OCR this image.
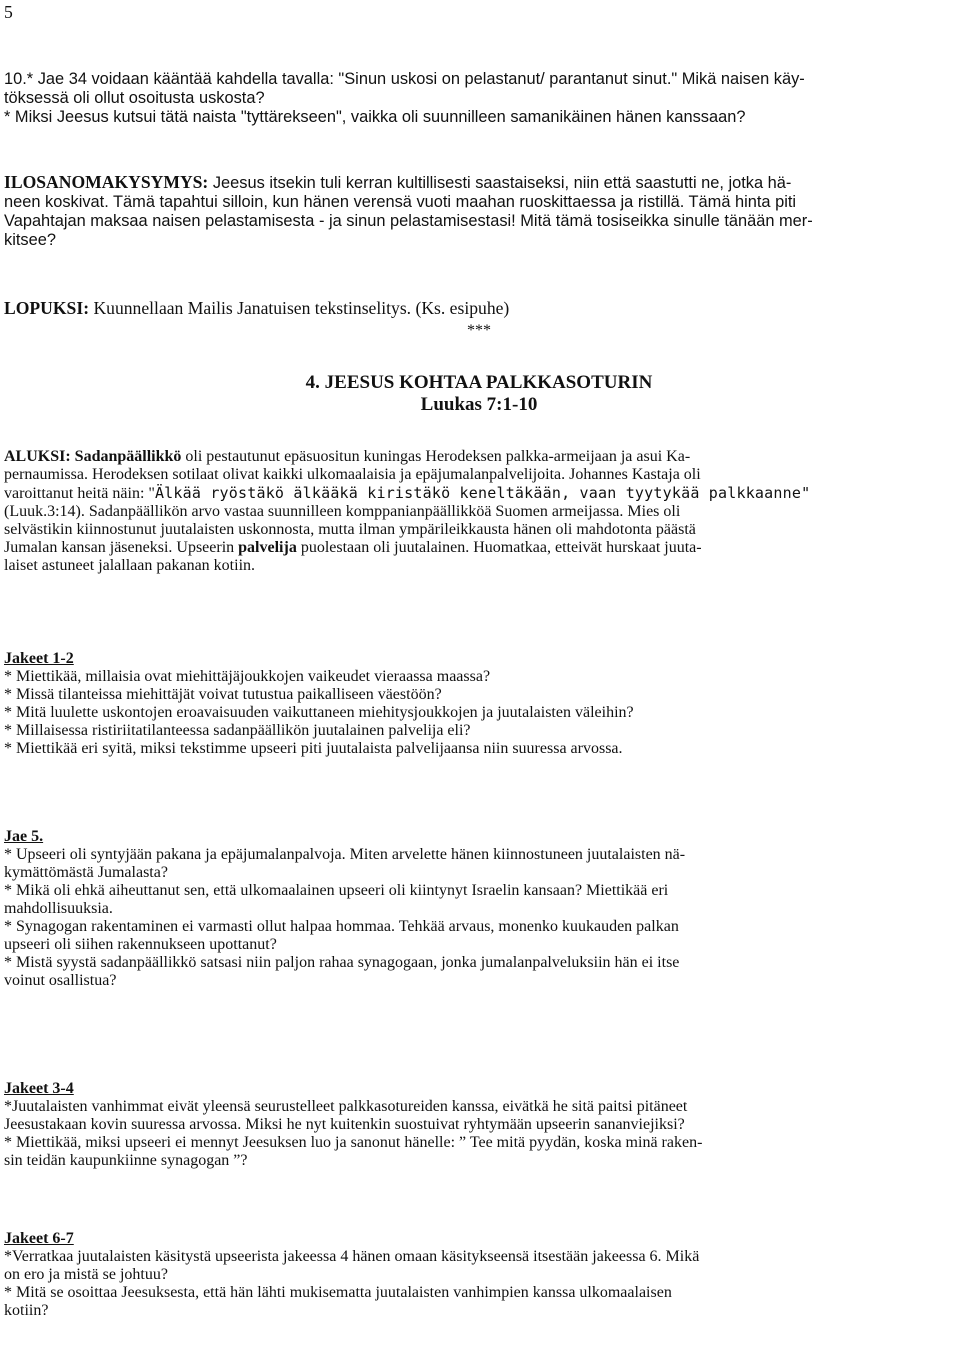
5

10.* Jae 34 voidaan kääntää kahdella tavalla: "Sinun uskosi on pelastanut/ parantanut sinut." Mikä naisen käy-

töksessä oli ollut osoitusta uskosta?

* Miksi Jeesus kutsui tätä naista "tyttärekseen", vaikka oli suunnilleen samanikäinen hänen kanssaan?

ILOSANOMAKYSYMYS: Jeesus itsekin tuli kerran kultillisesti saastaiseksi, niin että saastutti ne, jotka hä-

neen koskivat. Tämä tapahtui silloin, kun hänen verensä vuoti maahan ruoskittaessa ja ristillä. Tämä hinta piti

Vapahtajan maksaa naisen pelastamisesta - ja sinun pelastamisestasi! Mitä tämä tosiseikka sinulle tänään mer-

kitsee?

LOPUKSI: Kuunnellaan Mailis Janatuisen tekstinselitys. (Ks. esipuhe)

***

4. JEESUS KOHTAA PALKKASOTURIN

Luukas 7:1-10

ALUKSI: Sadanpäällikkö oli pestautunut epäsuositun kuningas Herodeksen palkka-armeijaan ja asui Ka-

pernaumissa. Herodeksen sotilaat olivat kaikki ulkomaalaisia ja epäjumalanpalvelijoita. Johannes Kastaja oli

varoittanut heitä näin: "Älkää ryöstäkö älkääkä kiristäkö keneltäkään, vaan tyytykää palkkaanne"

(Luuk.3:14). Sadanpäällikön arvo vastaa suunnilleen komppanianpäällikköä Suomen armeijassa. Mies oli

selvästikin kiinnostunut juutalaisten uskonnosta, mutta ilman ympärileikkausta hänen oli mahdotonta päästä

Jumalan kansan jäseneksi. Upseerin palvelija puolestaan oli juutalainen. Huomatkaa, etteivät hurskaat juuta-

laiset astuneet jalallaan pakanan kotiin.

Jakeet 1-2

* Miettikää, millaisia ovat miehittäjäjoukkojen vaikeudet vieraassa maassa?

* Missä tilanteissa miehittäjät voivat tutustua paikalliseen väestöön?

* Mitä luulette uskontojen eroavaisuuden vaikuttaneen miehitysjoukkojen ja juutalaisten väleihin?

* Millaisessa ristiriitatilanteessa sadanpäällikön juutalainen palvelija eli?

* Miettikää eri syitä, miksi tekstimme upseeri piti juutalaista palvelijaansa niin suuressa arvossa.

Jae 5.

* Upseeri oli syntyjään pakana ja epäjumalanpalvoja. Miten arvelette hänen kiinnostuneen juutalaisten nä-

kymättömästä Jumalasta?

* Mikä oli ehkä aiheuttanut sen, että ulkomaalainen upseeri oli kiintynyt Israelin kansaan? Miettikää eri

mahdollisuuksia.

* Synagogan rakentaminen ei varmasti ollut halpaa hommaa. Tehkää arvaus, monenko kuukauden palkan

upseeri oli siihen rakennukseen upottanut?

* Mistä syystä sadanpäällikkö satsasi niin paljon rahaa synagogaan, jonka jumalanpalveluksiin hän ei itse

voinut osallistua?

Jakeet 3-4

*Juutalaisten vanhimmat eivät yleensä seurustelleet palkkasotureiden kanssa, eivätkä he sitä paitsi pitäneet

Jeesustakaan kovin suuressa arvossa. Miksi he nyt kuitenkin suostuivat ryhtymään upseerin sananviejiksi?

* Miettikää, miksi upseeri ei mennyt Jeesuksen luo ja sanonut hänelle: ” Tee mitä pyydän, koska minä raken-

sin teidän kaupunkiinne synagogan ”?

Jakeet 6-7

*Verratkaa juutalaisten käsitystä upseerista jakeessa 4 hänen omaan käsitykseensä itsestään jakeessa 6. Mikä

on ero ja mistä se johtuu?

* Mitä se osoittaa Jeesuksesta, että hän lähti mukisematta juutalaisten vanhimpien kanssa ulkomaalaisen

kotiin?
